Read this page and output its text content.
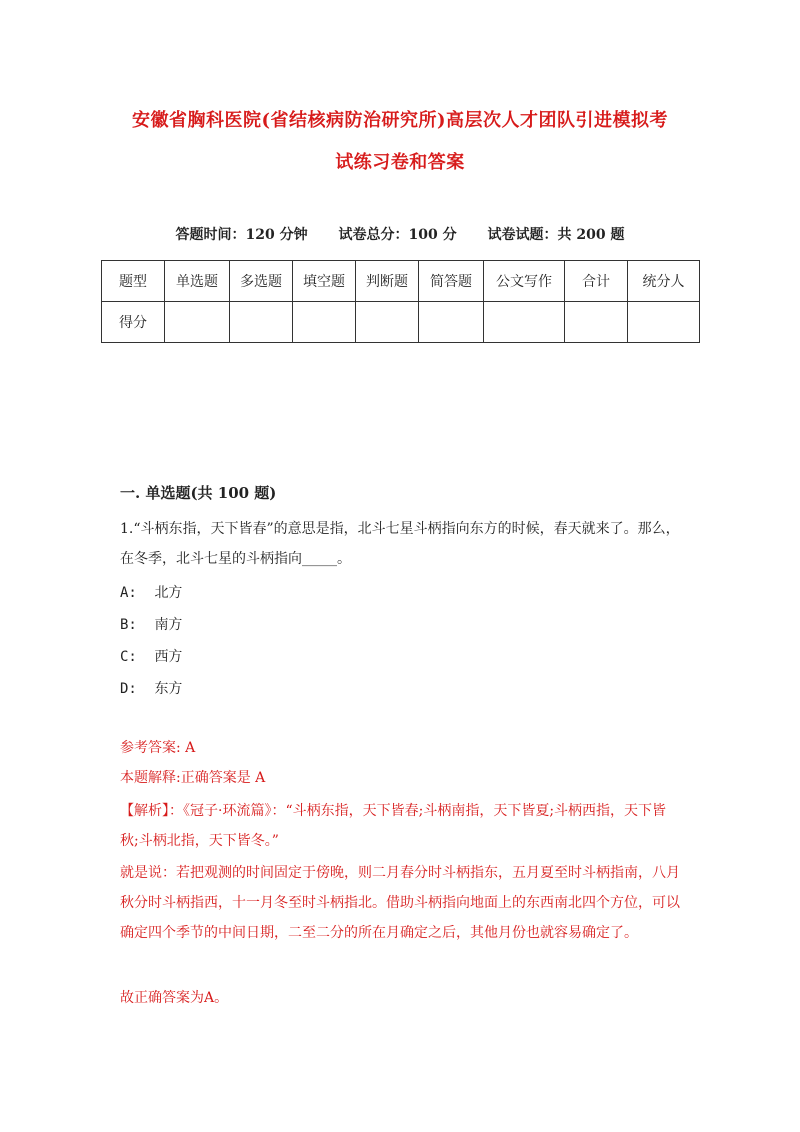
安徽省胸科医院(省结核病防治研究所)高层次人才团队引进模拟考
试练习卷和答案
答题时间：120 分钟 试卷总分：100 分 试卷试题：共 200 题
题型	单选题	多选题	填空题	判断题	简答题	公文写作	合计	统分人
得分								
一. 单选题(共 100 题)
1.“斗柄东指，天下皆春”的意思是指，北斗七星斗柄指向东方的时候，春天就来了。那么，在冬季，北斗七星的斗柄指向_____。
A: 北方
B: 南方
C: 西方
D: 东方
参考答案: A
本题解释:正确答案是 A
【解析】：《冠子·环流篇》：“斗柄东指，天下皆春;斗柄南指，天下皆夏;斗柄西指，天下皆秋;斗柄北指，天下皆冬。”
就是说：若把观测的时间固定于傍晚，则二月春分时斗柄指东，五月夏至时斗柄指南，八月 秋分时斗柄指西，十一月冬至时斗柄指北。借助斗柄指向地面上的东西南北四个方位，可以确定四个季节的中间日期，二至二分的所在月确定之后，其他月份也就容易确定了。
故正确答案为A。
